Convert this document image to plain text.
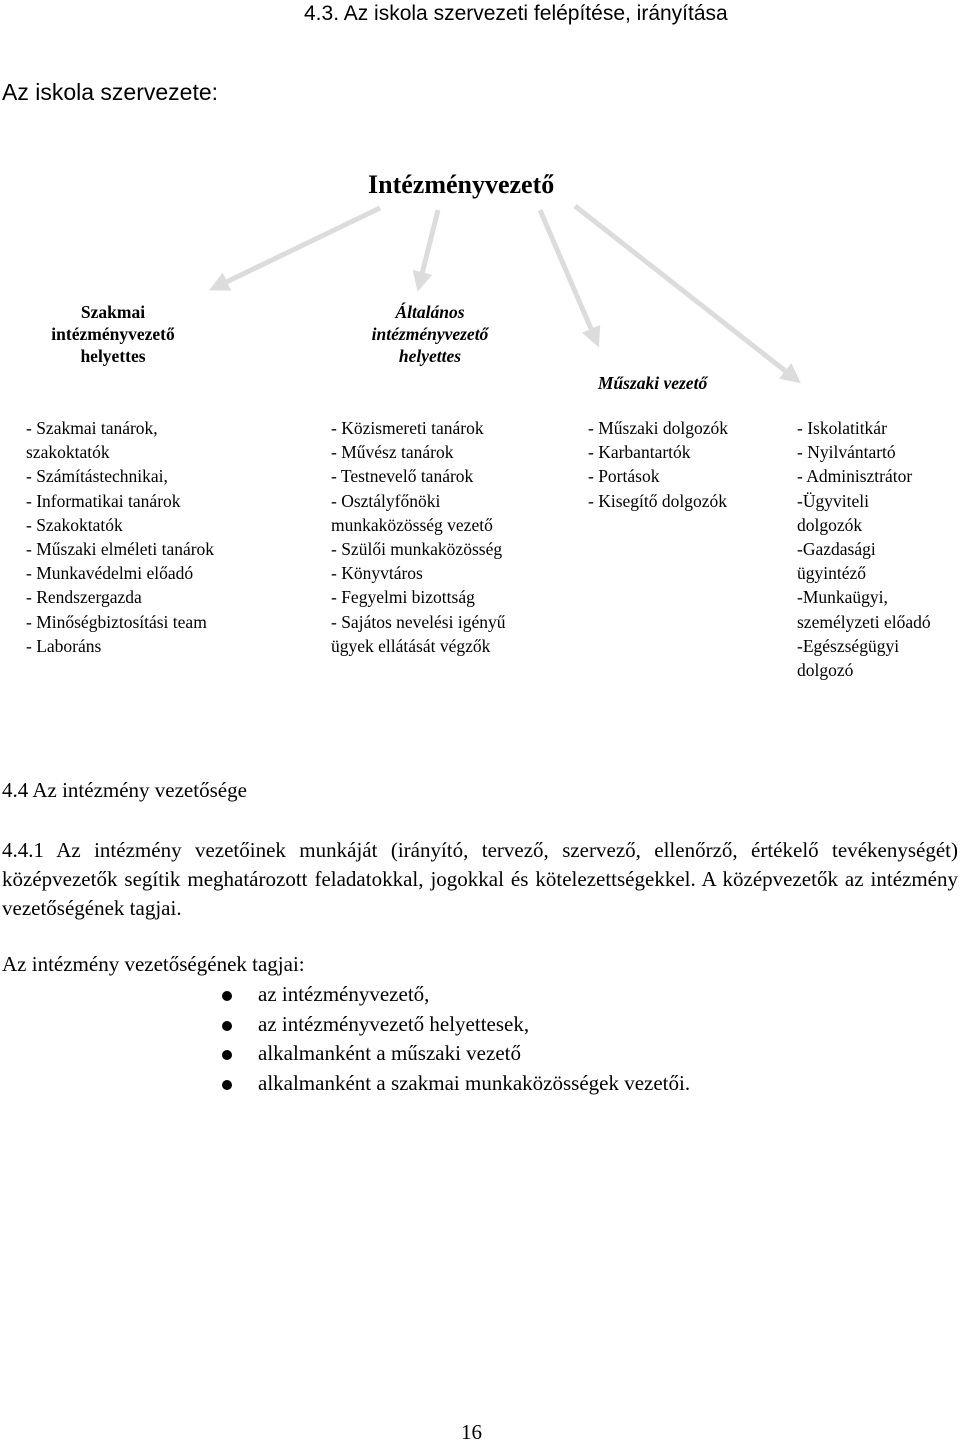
4.3. Az iskola szervezeti felépítése, irányítása
Az iskola szervezete:
Intézményvezető
Szakmai
intézményvezető
helyettes
Általános
intézményvezető
helyettes
Műszaki vezető
- Szakmai tanárok,
szakoktatók
- Számítástechnikai,
- Informatikai tanárok
- Szakoktatók
- Műszaki elméleti tanárok
- Munkavédelmi előadó
- Rendszergazda
- Minőségbiztosítási team
- Laboráns
- Közismereti tanárok
- Művész tanárok
- Testnevelő tanárok
- Osztályfőnöki
munkaközösség vezető
- Szülői munkaközösség
- Könyvtáros
- Fegyelmi bizottság
- Sajátos nevelési igényű
ügyek ellátását végzők
- Műszaki dolgozók
- Karbantartók
- Portások
- Kisegítő dolgozók
- Iskolatitkár
- Nyilvántartó
- Adminisztrátor
-Ügyviteli
dolgozók
-Gazdasági
ügyintéző
-Munkaügyi,
személyzeti előadó
-Egészségügyi
dolgozó
4.4 Az intézmény vezetősége
4.4.1 Az intézmény vezetőinek munkáját (irányító, tervező, szervező, ellenőrző, értékelő tevékenységét) középvezetők segítik meghatározott feladatokkal, jogokkal és kötelezettségekkel. A középvezetők az intézmény vezetőségének tagjai.
Az intézmény vezetőségének tagjai:
az intézményvezető,
az intézményvezető helyettesek,
alkalmanként a műszaki vezető
alkalmanként a szakmai munkaközösségek vezetői.
16
